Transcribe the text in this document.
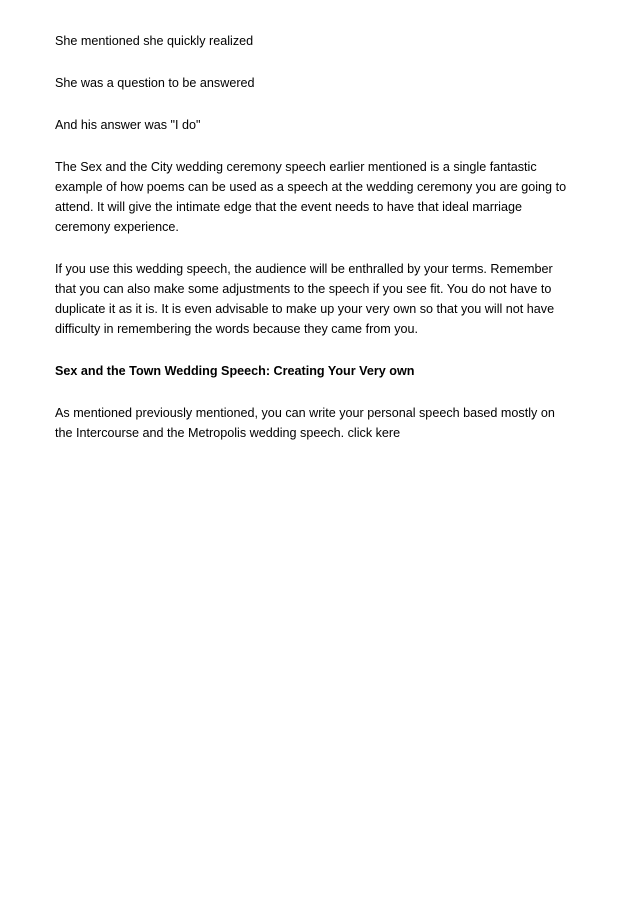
She mentioned she quickly realized

She was a question to be answered

And his answer was "I do"

The Sex and the City wedding ceremony speech earlier mentioned is a single fantastic
example of how poems can be used as a speech at the wedding ceremony you are going to
attend. It will give the intimate edge that the event needs to have that ideal marriage
ceremony experience.

If you use this wedding speech, the audience will be enthralled by your terms. Remember
that you can also make some adjustments to the speech if you see fit. You do not have to
duplicate it as it is. It is even advisable to make up your very own so that you will not have
difficulty in remembering the words because they came from you.

Sex and the Town Wedding Speech: Creating Your Very own

As mentioned previously mentioned, you can write your personal speech based mostly on
the Intercourse and the Metropolis wedding speech. click kere
